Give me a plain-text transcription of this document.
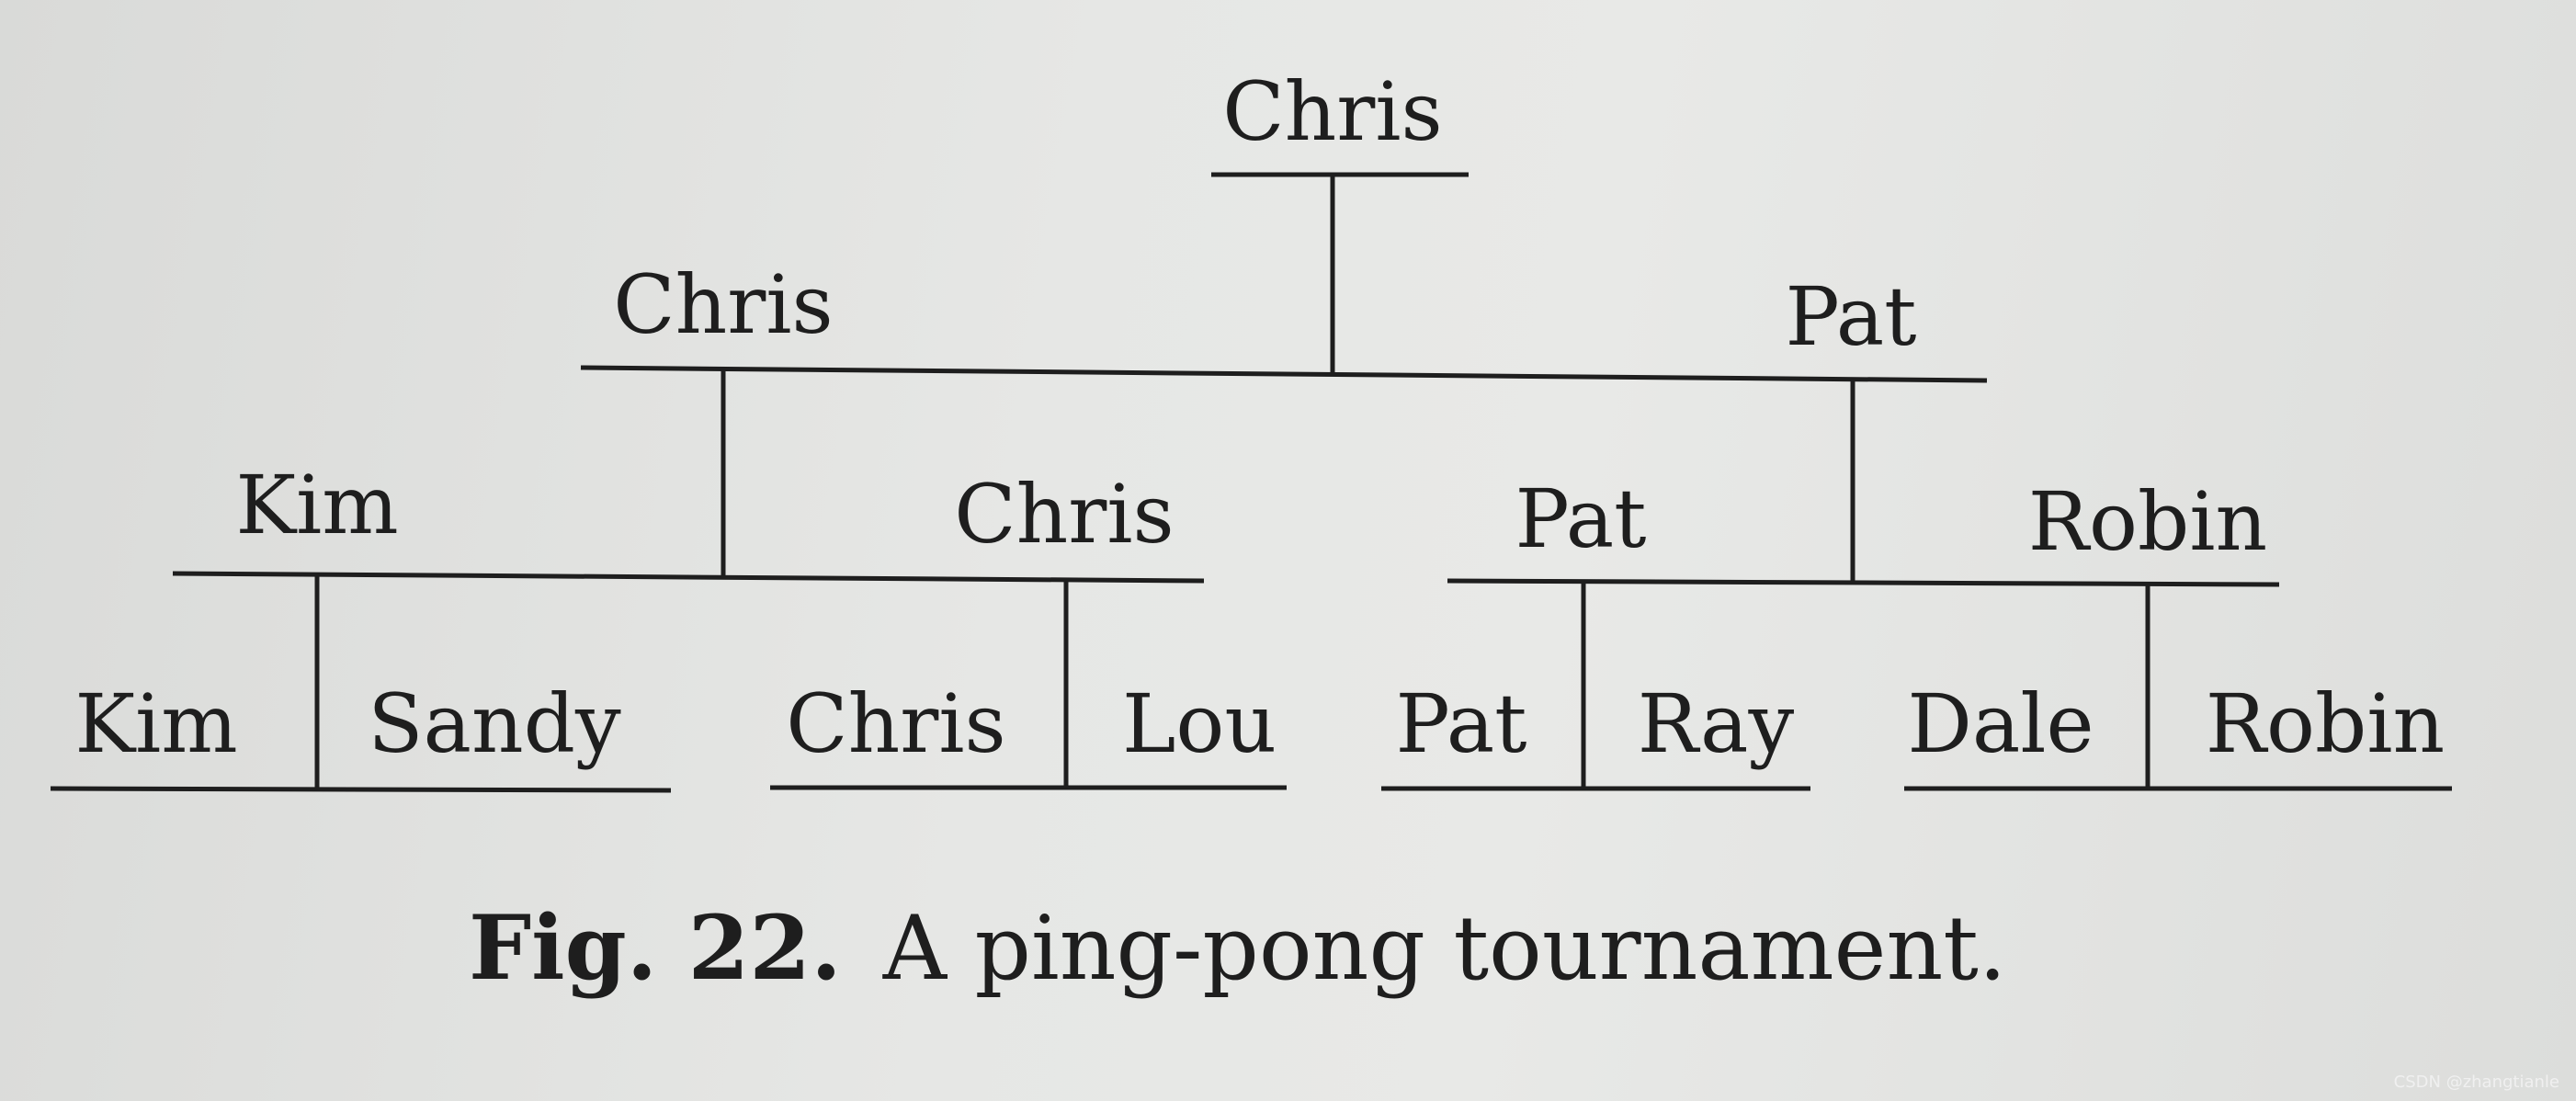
Chris
Chris	Pat
Kim	Chris	Pat	Robin
Kim Sandy Chris Lou Pat Ray Dale Robin
Fig. 22. A ping-pong tournament.
CSDN @zhangtianle
